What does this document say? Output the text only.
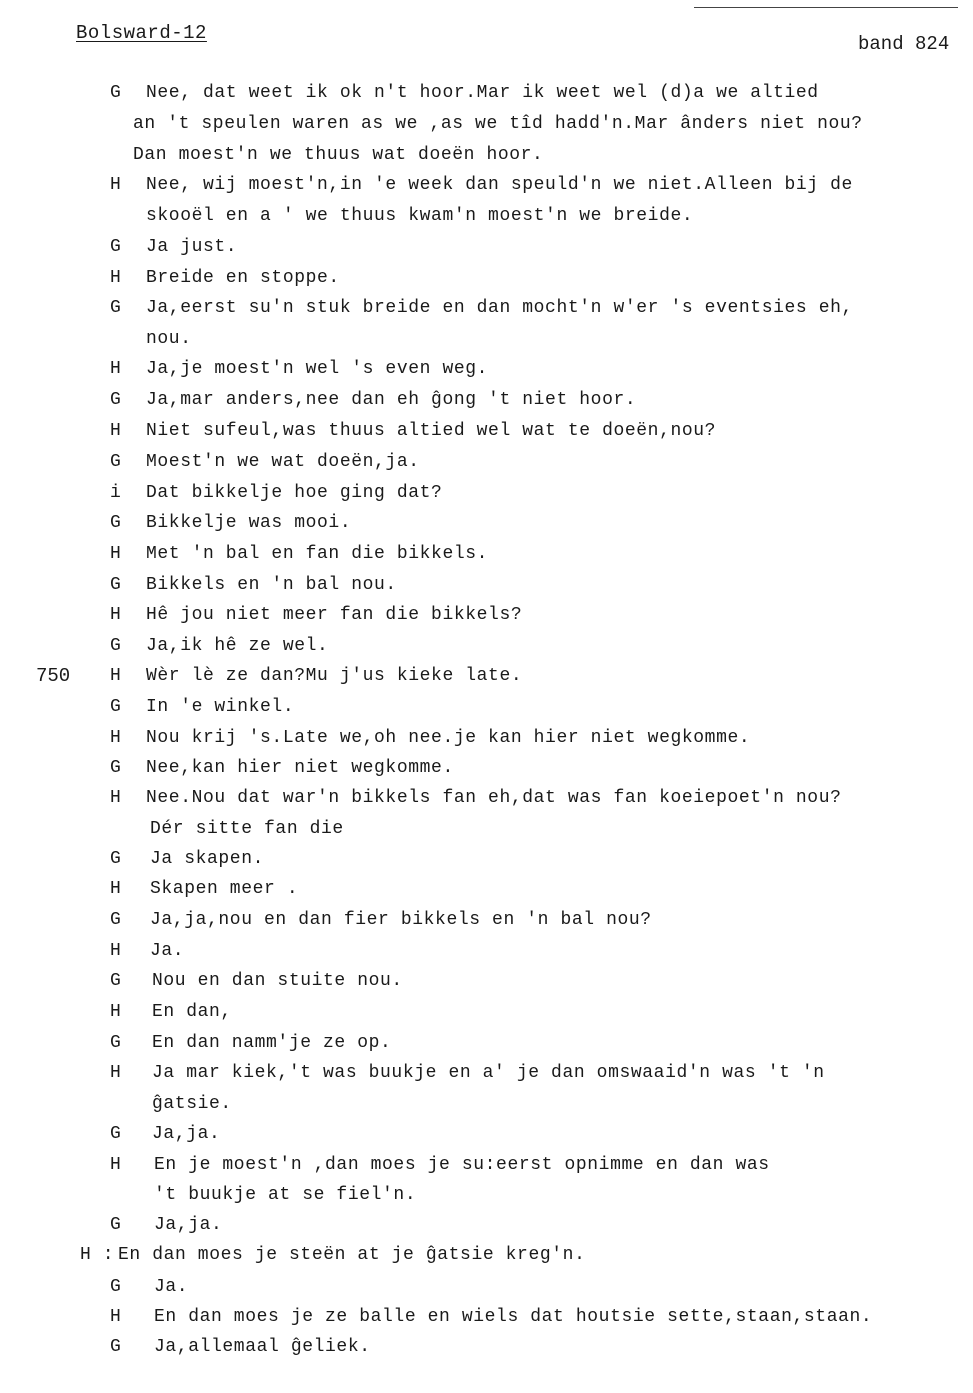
Bolsward-12	band 824
750
G Nee, dat weet ik ok n't hoor.Mar ik weet wel (d)a we altied
an 't speulen waren as we ,as we tîd hadd'n.Mar ânders niet nou?
Dan moest'n we thuus wat doeën hoor.
H Nee, wij moest'n,in 'e week dan speuld'n we niet.Alleen bij de
skooël en a ' we thuus kwam'n moest'n we breide.
G Ja just.
H Breide en stoppe.
G Ja,eerst su'n stuk breide en dan mocht'n w'er 's eventsies eh,
nou.
H Ja,je moest'n wel 's even weg.
G Ja,mar anders,nee dan eh ĝong 't niet hoor.
H Niet sufeul,was thuus altied wel wat te doeën,nou?
G Moest'n we wat doeën,ja.
i Dat bikkelje hoe ging dat?
G Bikkelje was mooi.
H Met 'n bal en fan die bikkels.
G Bikkels en 'n bal nou.
H Hê jou niet meer fan die bikkels?
G Ja,ik hê ze wel.
H Wèr lè ze dan?Mu j'us kieke late.
G In 'e winkel.
H Nou krij 's.Late we,oh nee.je kan hier niet wegkomme.
G Nee,kan hier niet wegkomme.
H Nee.Nou dat war'n bikkels fan eh,dat was fan koeiepoet'n nou?
Dér sitte fan die
G Ja skapen.
H Skapen meer .
G Ja,ja,nou en dan fier bikkels en 'n bal nou?
H Ja.
G Nou en dan stuite nou.
H En dan,
G En dan namm'je ze op.
H Ja mar kiek,'t was buukje en a' je dan omswaaid'n was 't 'n
ĝatsie.
G Ja,ja.
H En je moest'n ,dan moes je su:eerst opnimme en dan was
't buukje at se fiel'n.
G Ja,ja.
H : En dan moes je steën at je ĝatsie kreg'n.
G Ja.
H En dan moes je ze balle en wiels dat houtsie sette,staan,staan.
G Ja,allemaal ĝeliek.
